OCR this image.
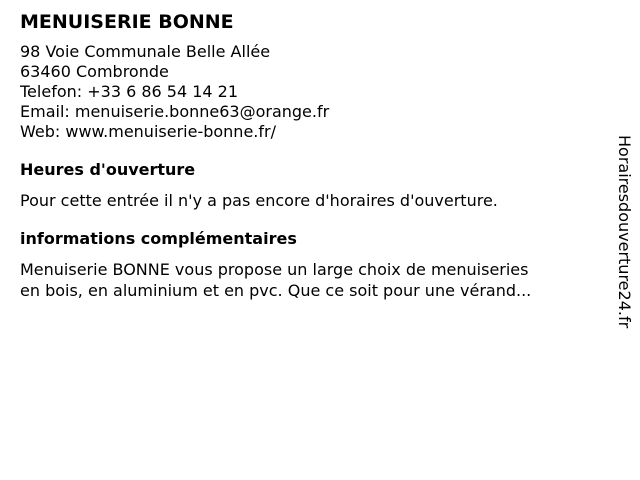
MENUISERIE BONNE
98 Voie Communale Belle Allée
63460 Combronde
Telefon: +33 6 86 54 14 21
Email: menuiserie.bonne63@orange.fr
Web: www.menuiserie-bonne.fr/
Heures d'ouverture
Pour cette entrée il n'y a pas encore d'horaires d'ouverture.
informations complémentaires
Menuiserie BONNE vous propose un large choix de menuiseries
en bois, en aluminium et en pvc. Que ce soit pour une vérand...	Horairesdouverture24.fr
